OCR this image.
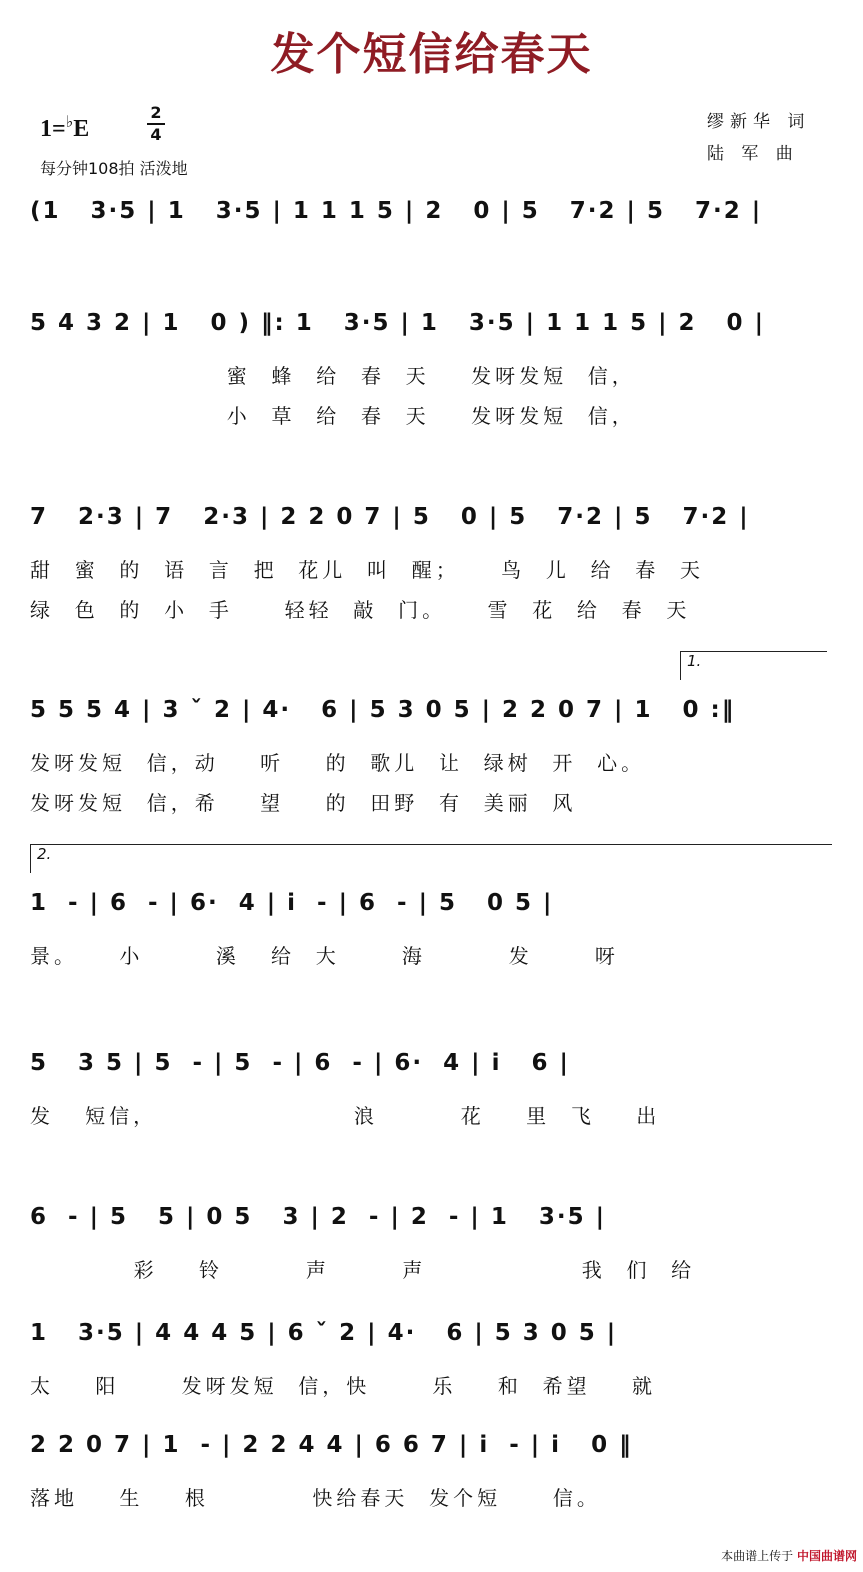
发个短信给春天
1=♭E
2
4
每分钟108拍 活泼地
缪新华 词
陆 军 曲
(1   3·5 | 1   3·5 | 1 1 1 5 | 2   0 | 5   7·2 | 5   7·2 |
5 4 3 2 | 1   0 ) ‖: 1   3·5 | 1   3·5 | 1 1 1 5 | 2   0 |
蜜  蜂  给  春  天    发呀发短  信，
小  草  给  春  天    发呀发短  信，
7   2·3 | 7   2·3 | 2 2 0 7 | 5   0 | 5   7·2 | 5   7·2 |
甜  蜜  的  语  言  把  花儿  叫  醒；    鸟  儿  给  春  天
绿  色  的  小  手     轻轻  敲  门。    雪  花  给  春  天
1.
5 5 5 4 | 3 ˇ 2 | 4·   6 | 5 3 0 5 | 2 2 0 7 | 1   0 :‖
发呀发短  信，动    听    的  歌儿  让  绿树  开  心。
发呀发短  信，希    望    的  田野  有  美丽  风
2.
1  - | 6  - | 6·  4 | i  - | 6  - | 5   0 5 |
景。    小       溪   给  大      海        发      呀
5   3 5 | 5  - | 5  - | 6  - | 6·  4 | i   6 |
发   短信，                   浪        花    里  飞    出
6  - | 5   5 | 0 5   3 | 2  - | 2  - | 1   3·5 |
彩    铃        声       声               我  们  给
1   3·5 | 4 4 4 5 | 6 ˇ 2 | 4·   6 | 5 3 0 5 |
太    阳      发呀发短  信，快      乐    和  希望    就
2 2 0 7 | 1  - | 2 2 4 4 | 6 6 7 | i  - | i   0 ‖
落地    生    根          快给春天  发个短     信。
本曲谱上传于 中国曲谱网
